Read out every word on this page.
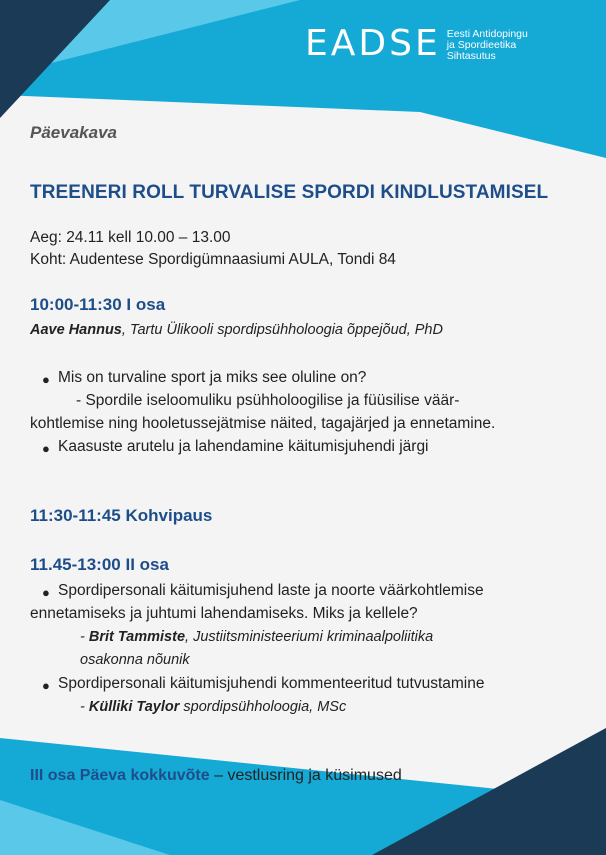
EADSE Eesti Antidopingu
ja Spordieetika
Sihtasutus
Päevakava
TREENERI ROLL TURVALISE SPORDI KINDLUSTAMISEL
Aeg: 24.11 kell 10.00 – 13.00
Koht: Audentese Spordigümnaasiumi AULA, Tondi 84
10:00-11:30 I osa
Aave Hannus, Tartu Ülikooli spordipsühholoogia õppejõud, PhD
● Mis on turvaline sport ja miks see oluline on?
- Spordile iseloomuliku psühholoogilise ja füüsilise väär-
kohtlemise ning hooletussejätmise näited, tagajärjed ja ennetamine.
● Kaasuste arutelu ja lahendamine käitumisjuhendi järgi
11:30-11:45 Kohvipaus
11.45-13:00 II osa
● Spordipersonali käitumisjuhend laste ja noorte väärkohtlemise
ennetamiseks ja juhtumi lahendamiseks. Miks ja kellele?
- Brit Tammiste, Justiitsministeeriumi kriminaalpoliitika
osakonna nõunik
● Spordipersonali käitumisjuhendi kommenteeritud tutvustamine
- Külliki Taylor spordipsühholoogia, MSc
III osa Päeva kokkuvõte – vestlusring ja küsimused
